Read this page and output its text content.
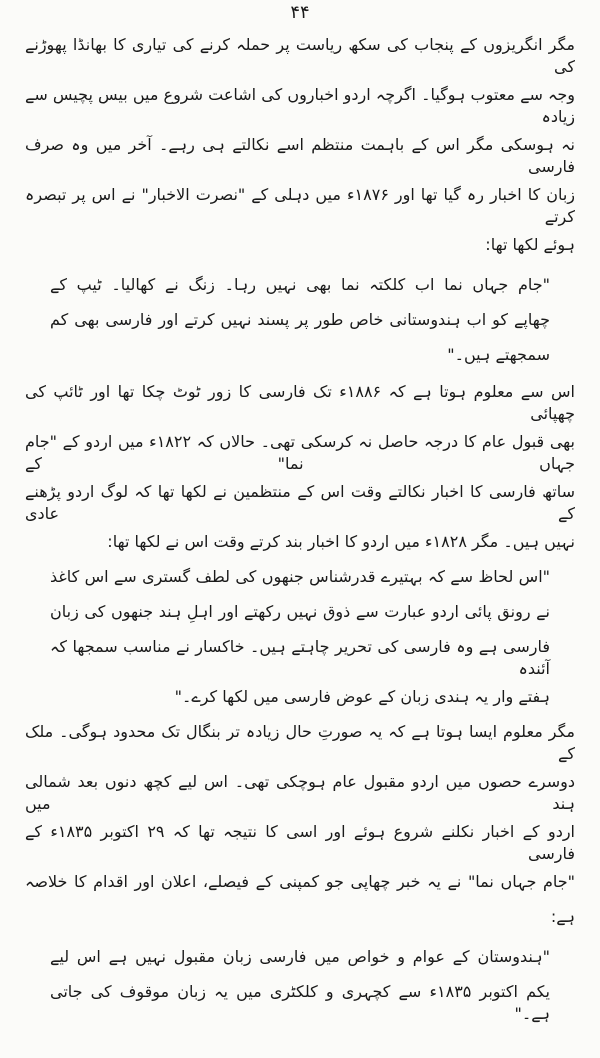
۴۴
مگر انگریزوں کے پنجاب کی سکھ ریاست پر حملہ کرنے کی تیاری کا بھانڈا پھوڑنے کی
وجہ سے معتوب ہوگیا۔ اگرچہ اردو اخباروں کی اشاعت شروع میں بیس پچیس سے زیادہ
نہ ہوسکی مگر اس کے باہمت منتظم اسے نکالتے ہی رہے۔ آخر میں وہ صرف فارسی
زبان کا اخبار رہ گیا تھا اور ۱۸۷۶ء میں دہلی کے "نصرت الاخبار" نے اس پر تبصرہ کرتے
ہوئے لکھا تھا:
"جام جہاں نما اب کلکتہ نما بھی نہیں رہا۔ زنگ نے کھالیا۔ ٹیپ کے
چھاپے کو اب ہندوستانی خاص طور پر پسند نہیں کرتے اور فارسی بھی کم
سمجھتے ہیں۔"
اس سے معلوم ہوتا ہے کہ ۱۸۸۶ء تک فارسی کا زور ٹوٹ چکا تھا اور ٹائپ کی چھپائی
بھی قبول عام کا درجہ حاصل نہ کرسکی تھی۔ حالاں کہ ۱۸۲۲ء میں اردو کے "جام جہاں نما" کے
ساتھ فارسی کا اخبار نکالتے وقت اس کے منتظمین نے لکھا تھا کہ لوگ اردو پڑھنے کے عادی
نہیں ہیں۔ مگر ۱۸۲۸ء میں اردو کا اخبار بند کرتے وقت اس نے لکھا تھا:
"اس لحاظ سے کہ بہتیرے قدرشناس جنھوں کی لطف گستری سے اس کاغذ
نے رونق پائی اردو عبارت سے ذوق نہیں رکھتے اور اہلِ ہند جنھوں کی زبان
فارسی ہے وہ فارسی کی تحریر چاہتے ہیں۔ خاکسار نے مناسب سمجھا کہ آئندہ
ہفتے وار یہ ہندی زبان کے عوض فارسی میں لکھا کرے۔"
مگر معلوم ایسا ہوتا ہے کہ یہ صورتِ حال زیادہ تر بنگال تک محدود ہوگی۔ ملک کے
دوسرے حصوں میں اردو مقبول عام ہوچکی تھی۔ اس لیے کچھ دنوں بعد شمالی ہند میں
اردو کے اخبار نکلنے شروع ہوئے اور اسی کا نتیجہ تھا کہ ۲۹ اکتوبر ۱۸۳۵ء کے فارسی
"جام جہاں نما" نے یہ خبر چھاپی جو کمپنی کے فیصلے، اعلان اور اقدام کا خلاصہ
ہے:
"ہندوستان کے عوام و خواص میں فارسی زبان مقبول نہیں ہے اس لیے
یکم اکتوبر ۱۸۳۵ء سے کچہری و کلکٹری میں یہ زبان موقوف کی جاتی ہے۔"
